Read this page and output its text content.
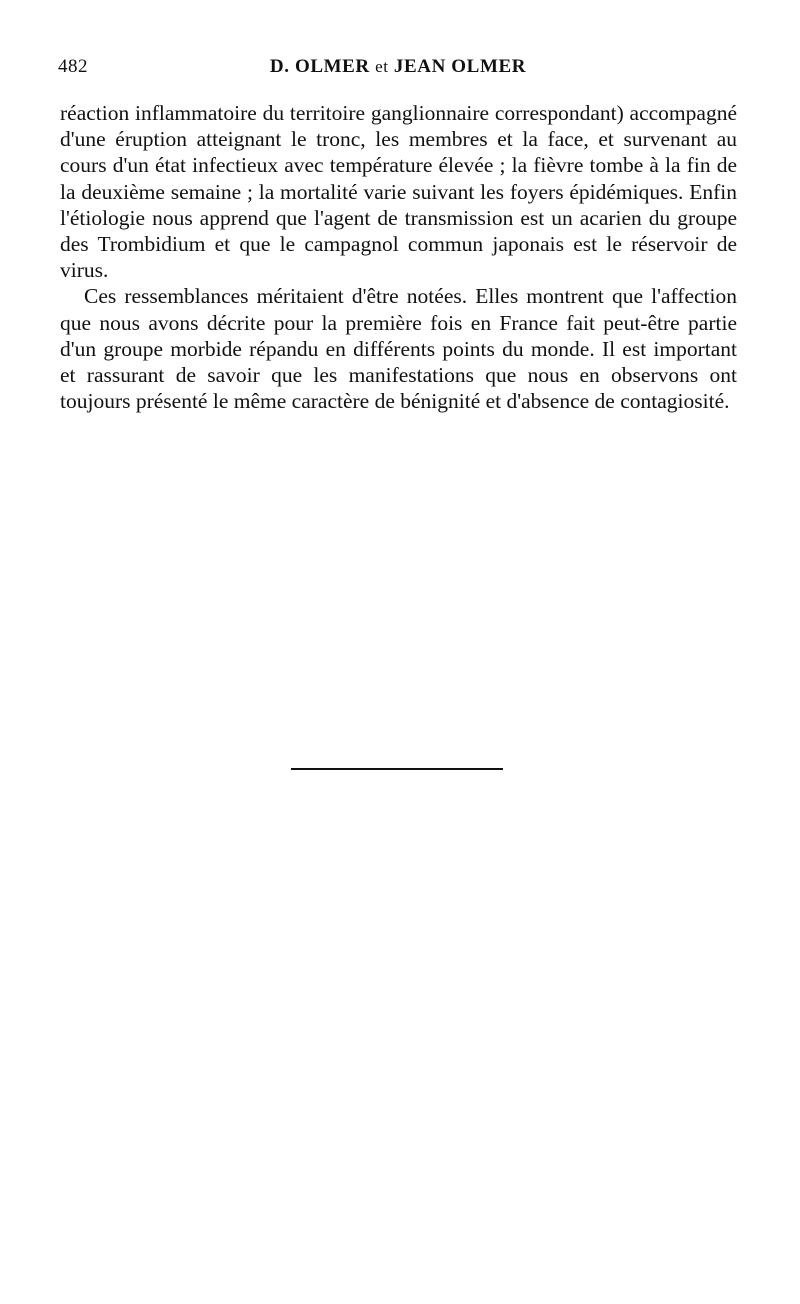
482	D. OLMER et JEAN OLMER

réaction inflammatoire du territoire ganglionnaire correspondant) accompagné d'une éruption atteignant le tronc, les membres et la face, et survenant au cours d'un état infectieux avec température élevée ; la fièvre tombe à la fin de la deuxième semaine ; la mortalité varie suivant les foyers épidémiques. Enfin l'étiologie nous apprend que l'agent de transmission est un acarien du groupe des Trombidium et que le campagnol commun japonais est le réservoir de virus.

Ces ressemblances méritaient d'être notées. Elles montrent que l'affection que nous avons décrite pour la première fois en France fait peut-être partie d'un groupe morbide répandu en différents points du monde. Il est important et rassurant de savoir que les manifestations que nous en observons ont toujours présenté le même caractère de bénignité et d'absence de contagiosité.
